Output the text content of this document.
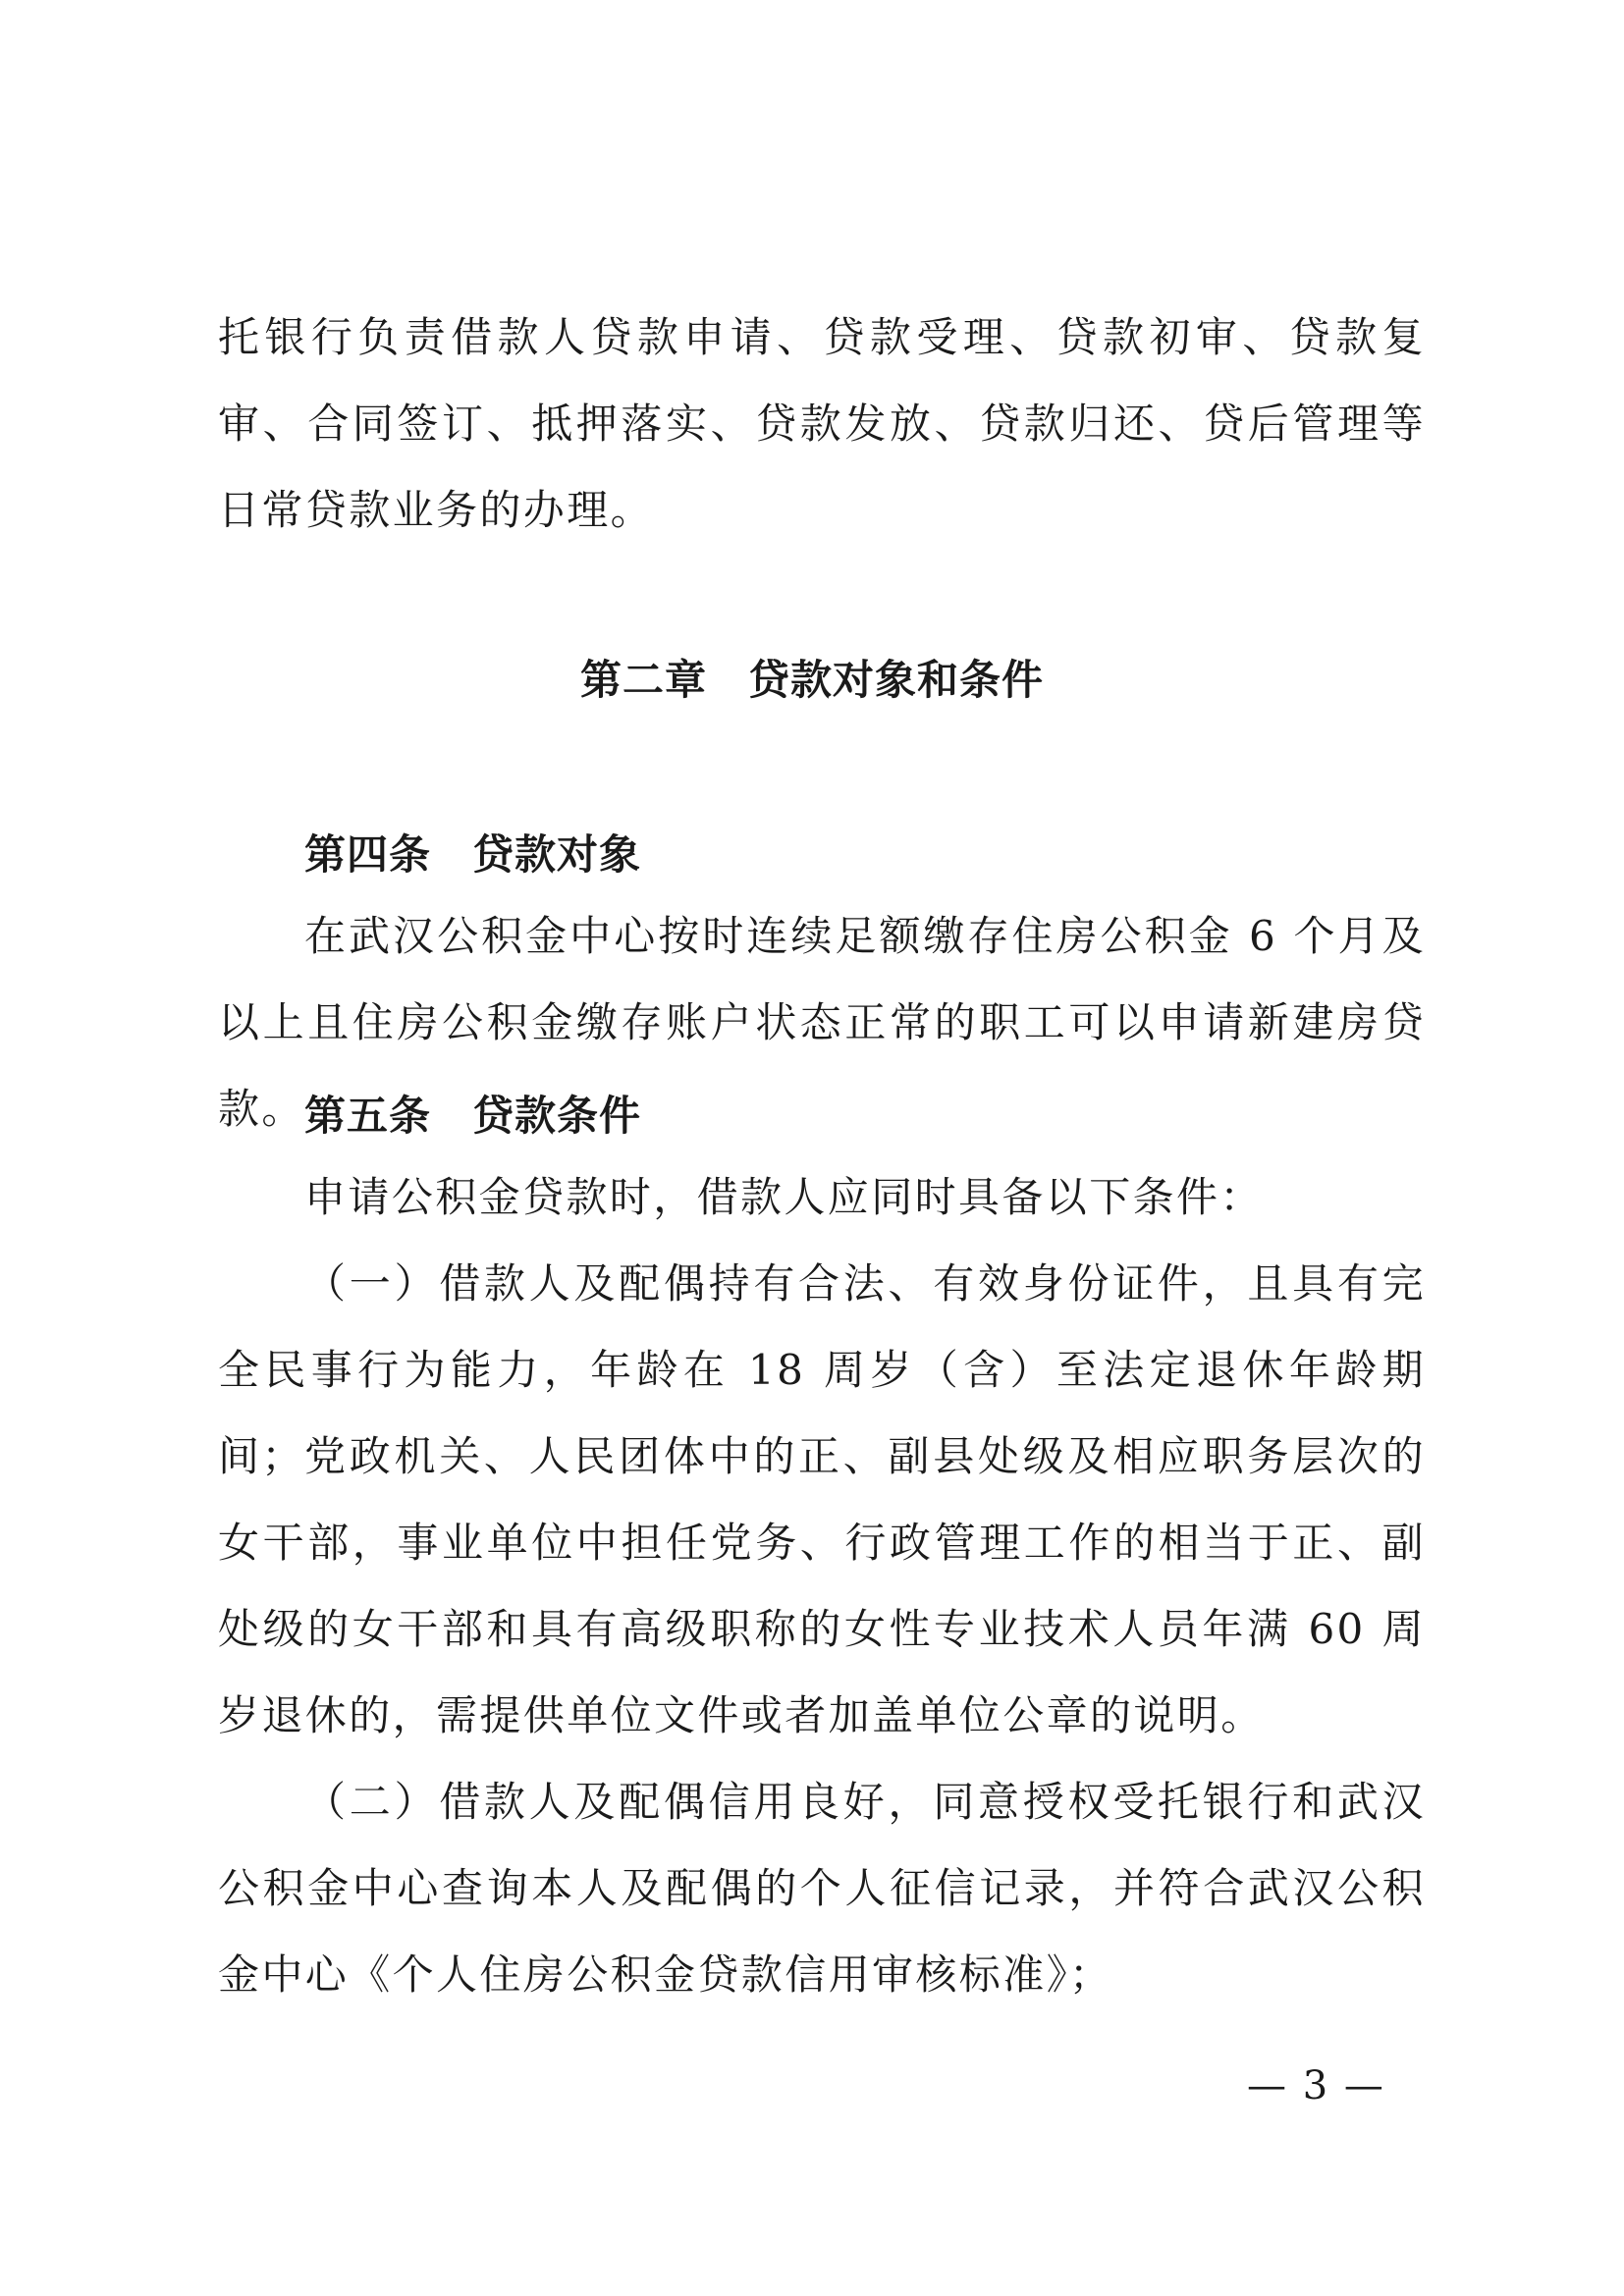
托银行负责借款人贷款申请、贷款受理、贷款初审、贷款复审、合同签订、抵押落实、贷款发放、贷款归还、贷后管理等日常贷款业务的办理。

第二章 贷款对象和条件
第四条 贷款对象

在武汉公积金中心按时连续足额缴存住房公积金 6 个月及以上且住房公积金缴存账户状态正常的职工可以申请新建房贷款。 第五条 贷款条件

申请公积金贷款时，借款人应同时具备以下条件：

（一）借款人及配偶持有合法、有效身份证件，且具有完全民事行为能力，年龄在 18 周岁（含）至法定退休年龄期间； 党政机关、人民团体中的正、副县处级及相应职务层次的女干部，事业单位中担任党务、行政管理工作的相当于正、副处级的女干部和具有高级职称的女性专业技术人员年满 60 周岁退休的，需提供单位文件或者加盖单位公章的说明。

（二）借款人及配偶信用良好，同意授权受托银行和武汉公积金中心查询本人及配偶的个人征信记录，并符合武汉公积金中心《个人住房公积金贷款信用审核标准》；

— 3 —
